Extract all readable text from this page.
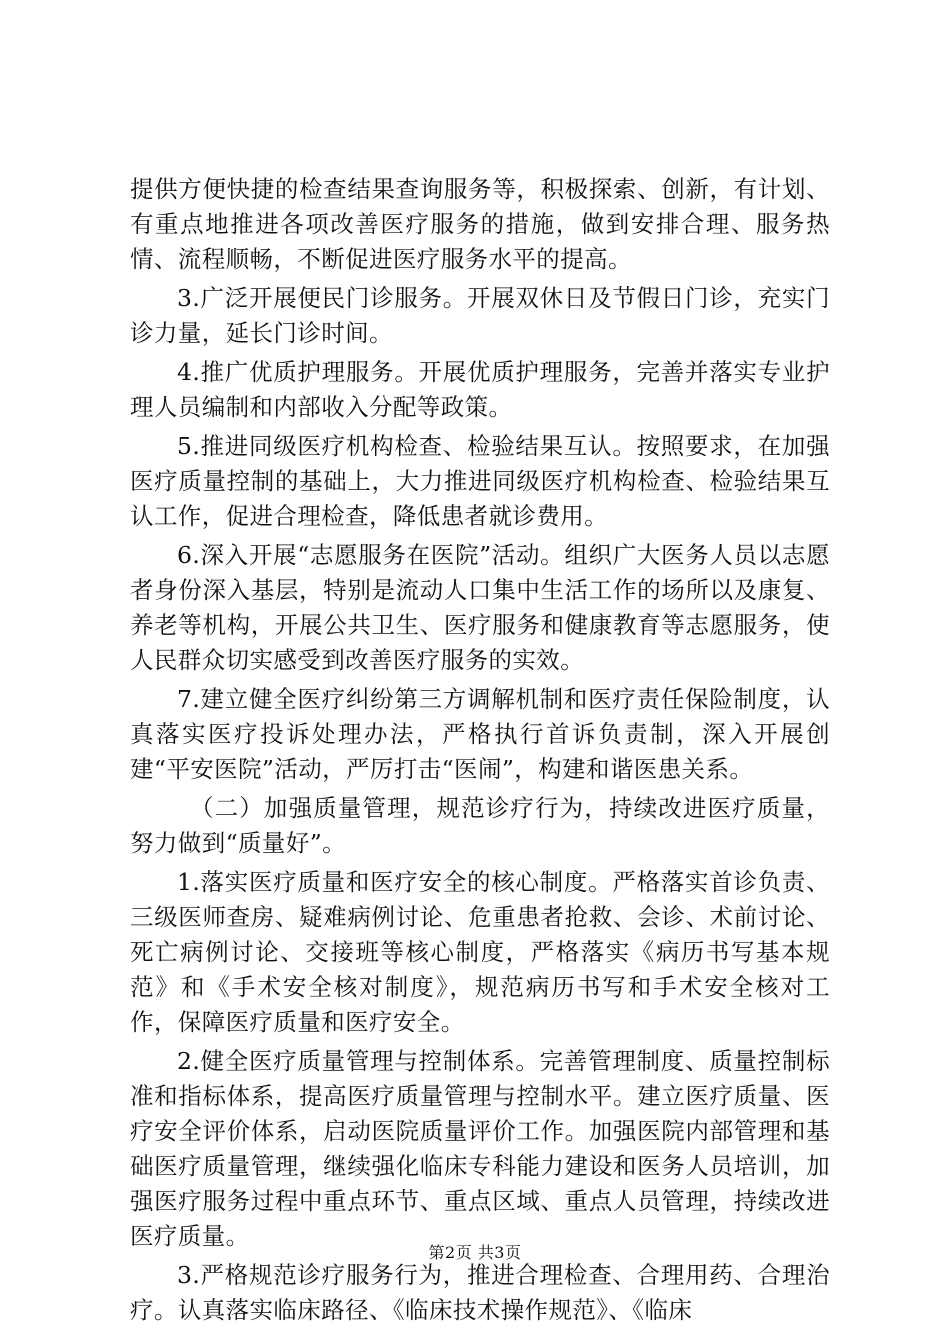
提供方便快捷的检查结果查询服务等，积极探索、创新，有计划、有重点地推进各项改善医疗服务的措施，做到安排合理、服务热情、流程顺畅，不断促进医疗服务水平的提高。

3.广泛开展便民门诊服务。开展双休日及节假日门诊，充实门诊力量，延长门诊时间。

4.推广优质护理服务。开展优质护理服务，完善并落实专业护理人员编制和内部收入分配等政策。

5.推进同级医疗机构检查、检验结果互认。按照要求，在加强医疗质量控制的基础上，大力推进同级医疗机构检查、检验结果互认工作，促进合理检查，降低患者就诊费用。

6.深入开展“志愿服务在医院”活动。组织广大医务人员以志愿者身份深入基层，特别是流动人口集中生活工作的场所以及康复、养老等机构，开展公共卫生、医疗服务和健康教育等志愿服务，使人民群众切实感受到改善医疗服务的实效。

7.建立健全医疗纠纷第三方调解机制和医疗责任保险制度，认真落实医疗投诉处理办法，严格执行首诉负责制，深入开展创建“平安医院”活动，严厉打击“医闹”，构建和谐医患关系。

（二）加强质量管理，规范诊疗行为，持续改进医疗质量，努力做到“质量好”。

1.落实医疗质量和医疗安全的核心制度。严格落实首诊负责、三级医师查房、疑难病例讨论、危重患者抢救、会诊、术前讨论、死亡病例讨论、交接班等核心制度，严格落实《病历书写基本规范》和《手术安全核对制度》，规范病历书写和手术安全核对工作，保障医疗质量和医疗安全。

2.健全医疗质量管理与控制体系。完善管理制度、质量控制标准和指标体系，提高医疗质量管理与控制水平。建立医疗质量、医疗安全评价体系，启动医院质量评价工作。加强医院内部管理和基础医疗质量管理，继续强化临床专科能力建设和医务人员培训，加强医疗服务过程中重点环节、重点区域、重点人员管理，持续改进医疗质量。

3.严格规范诊疗服务行为，推进合理检查、合理用药、合理治疗。认真落实临床路径、《临床技术操作规范》、《临床

第2页 共3页
